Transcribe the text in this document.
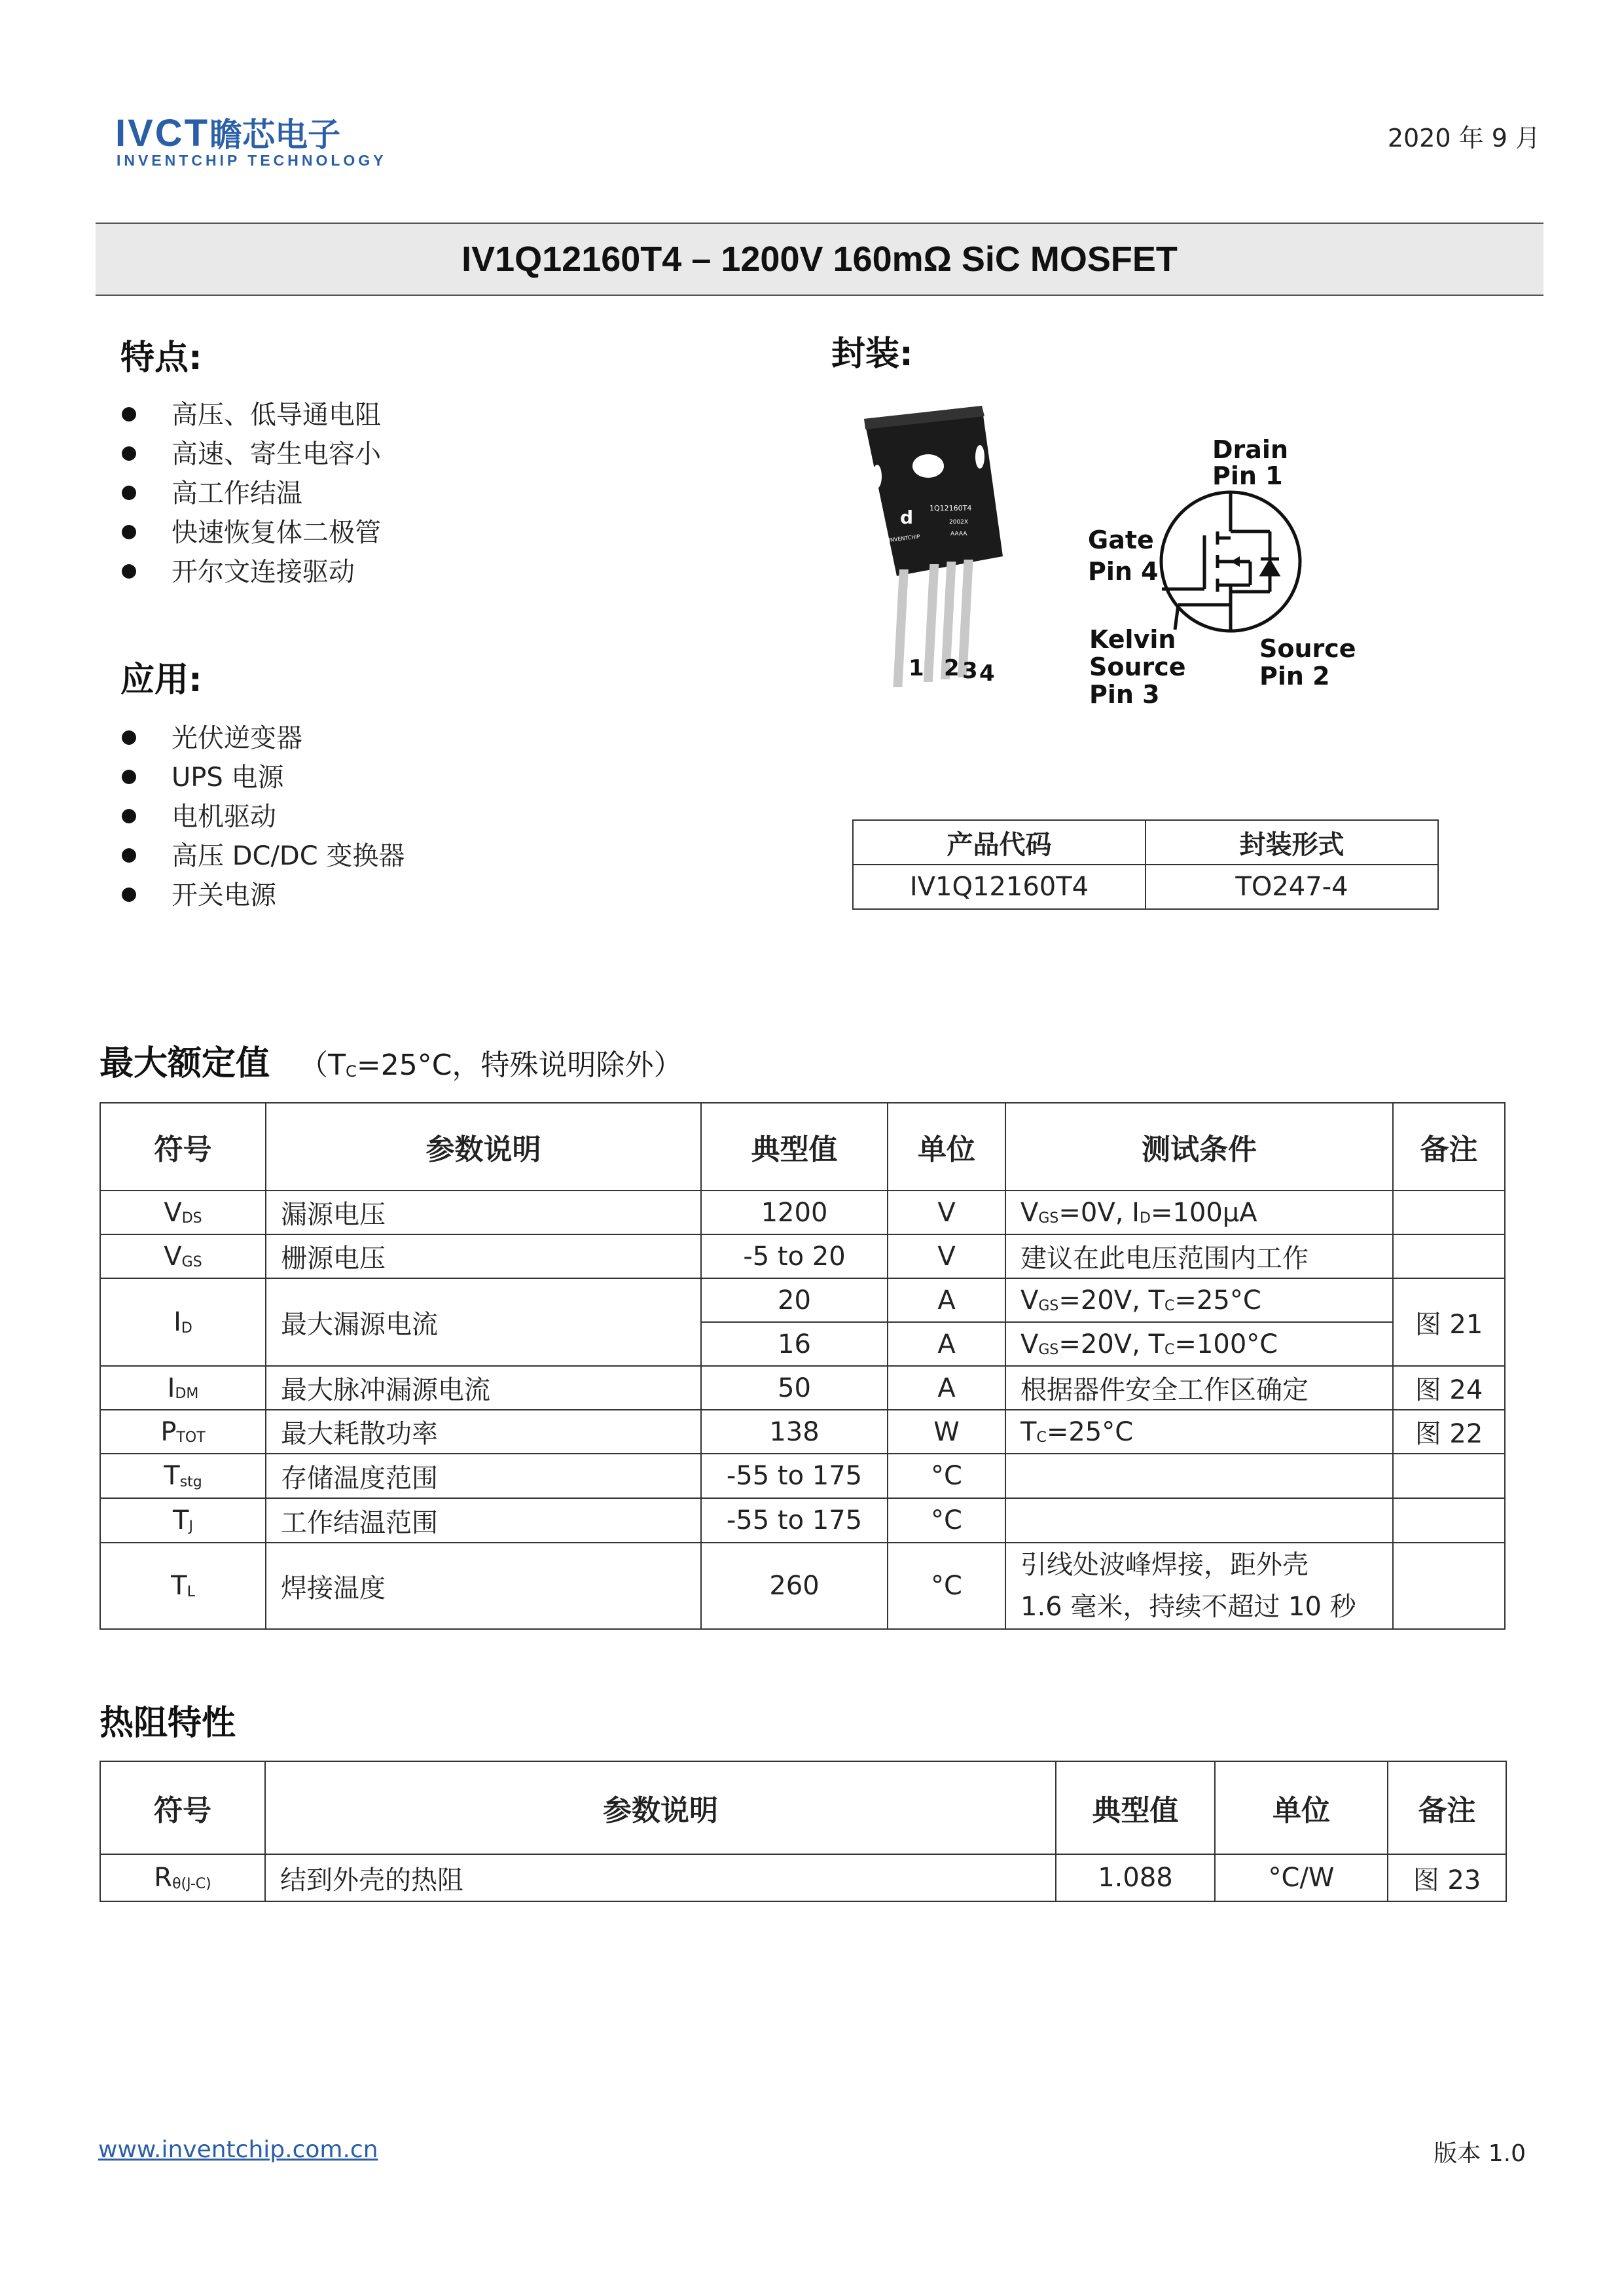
IVCT瞻芯电子
INVENTCHIP TECHNOLOGY
2020 年 9 月
IV1Q12160T4 – 1200V 160mΩ SiC MOSFET
特点:
高压、低导通电阻
高速、寄生电容小
高工作结温
快速恢复体二极管
开尔文连接驱动
应用:
光伏逆变器
UPS 电源
电机驱动
高压 DC/DC 变换器
开关电源
封装:
d 1Q12160T4
2002X
AAAA
INVENTCHIP
1 2 3 4
Drain
Pin 1
Gate
Pin 4
Kelvin
Source
Pin 3
Source
Pin 2
产品代码	封装形式
IV1Q12160T4	TO247-4
最大额定值 （$T_C=25^\circ C$，特殊说明除外）
符号	参数说明	典型值	单位	测试条件	备注
$V_{DS}$	漏源电压	1200	V	$V_{GS}=0V$, $I_D=100\mu A$	
$V_{GS}$	栅源电压	-5 to 20	V	建议在此电压范围内工作	
$I_D$	最大漏源电流	20	A	$V_{GS}=20V$, $T_C=25^\circ C$	图 21
		16	A	$V_{GS}=20V$, $T_C=100^\circ C$	
$I_{DM}$	最大脉冲漏源电流	50	A	根据器件安全工作区确定	图 24
$P_{TOT}$	最大耗散功率	138	W	$T_C=25^\circ C$	图 22
$T_{stg}$	存储温度范围	-55 to 175	°C		
$T_J$	工作结温范围	-55 to 175	°C		
$T_L$	焊接温度	260	°C	引线处波峰焊接，距外壳
1.6 毫米，持续不超过 10 秒	

热阻特性
符号	参数说明	典型值	单位	备注
$R_{\theta(J-C)}$	结到外壳的热阻	1.088	°C/W	图 23
www.inventchip.com.cn	版本 1.0
